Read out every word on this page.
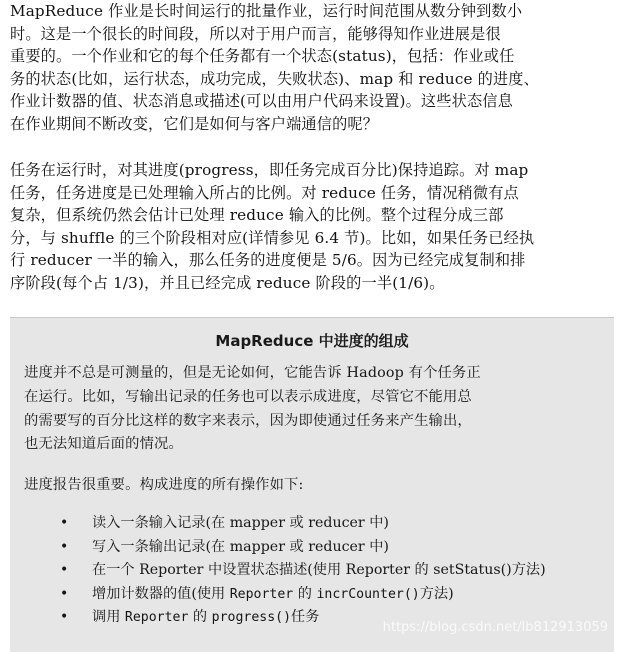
MapReduce 作业是长时间运行的批量作业，运行时间范围从数分钟到数小
时。这是一个很长的时间段，所以对于用户而言，能够得知作业进展是很
重要的。一个作业和它的每个任务都有一个状态(status)，包括：作业或任
务的状态(比如，运行状态，成功完成，失败状态)、map 和 reduce 的进度、
作业计数器的值、状态消息或描述(可以由用户代码来设置)。这些状态信息
在作业期间不断改变，它们是如何与客户端通信的呢？

任务在运行时，对其进度(progress，即任务完成百分比)保持追踪。对 map
任务，任务进度是已处理输入所占的比例。对 reduce 任务，情况稍微有点
复杂，但系统仍然会估计已处理 reduce 输入的比例。整个过程分成三部
分，与 shuffle 的三个阶段相对应(详情参见 6.4 节)。比如，如果任务已经执
行 reducer 一半的输入，那么任务的进度便是 5/6。因为已经完成复制和排
序阶段(每个占 1/3)，并且已经完成 reduce 阶段的一半(1/6)。

MapReduce 中进度的组成

进度并不总是可测量的，但是无论如何，它能告诉 Hadoop 有个任务正
在运行。比如，写输出记录的任务也可以表示成进度，尽管它不能用总
的需要写的百分比这样的数字来表示，因为即使通过任务来产生输出，
也无法知道后面的情况。

进度报告很重要。构成进度的所有操作如下:

• 读入一条输入记录(在 mapper 或 reducer 中)
• 写入一条输出记录(在 mapper 或 reducer 中)
• 在一个 Reporter 中设置状态描述(使用 Reporter 的 setStatus()方法)
• 增加计数器的值(使用 Reporter 的 incrCounter()方法)
• 调用 Reporter 的 progress()任务
https://blog.csdn.net/lb812913059
